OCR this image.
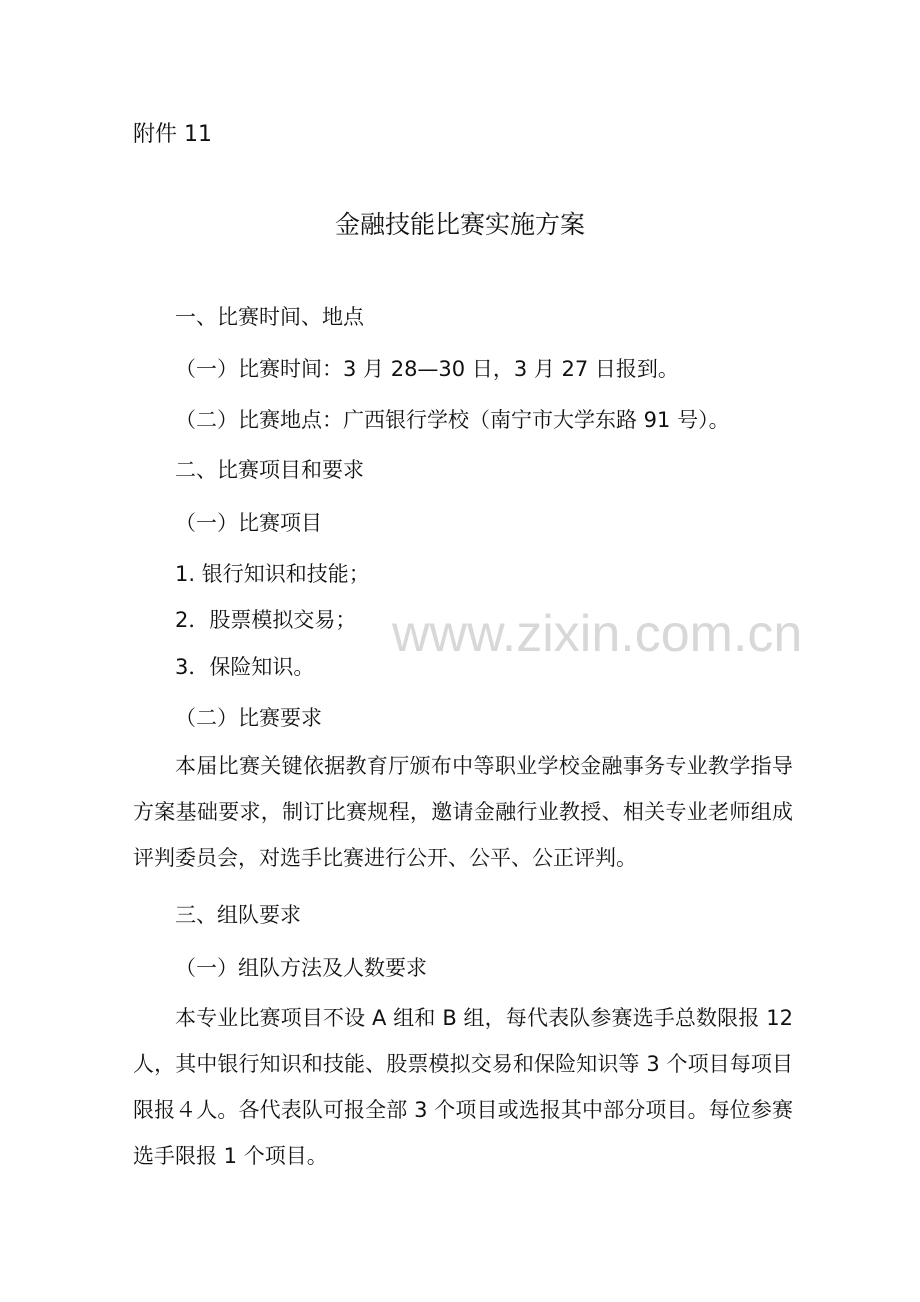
附件 11
金融技能比赛实施方案
一、比赛时间、地点
（一）比赛时间：3 月 28—30 日，3 月 27 日报到。
（二）比赛地点：广西银行学校（南宁市大学东路 91 号）。
二、比赛项目和要求
（一）比赛项目
1. 银行知识和技能；
2．股票模拟交易；
3．保险知识。
（二）比赛要求
本届比赛关键依据教育厅颁布中等职业学校金融事务专业教学指导方案基础要求，制订比赛规程，邀请金融行业教授、相关专业老师组成评判委员会，对选手比赛进行公开、公平、公正评判。
三、组队要求
（一）组队方法及人数要求
本专业比赛项目不设 A 组和 B 组，每代表队参赛选手总数限报 12 人，其中银行知识和技能、股票模拟交易和保险知识等 3 个项目每项目限报４人。各代表队可报全部 3 个项目或选报其中部分项目。每位参赛选手限报 1 个项目。
www.zixin.com.cn
